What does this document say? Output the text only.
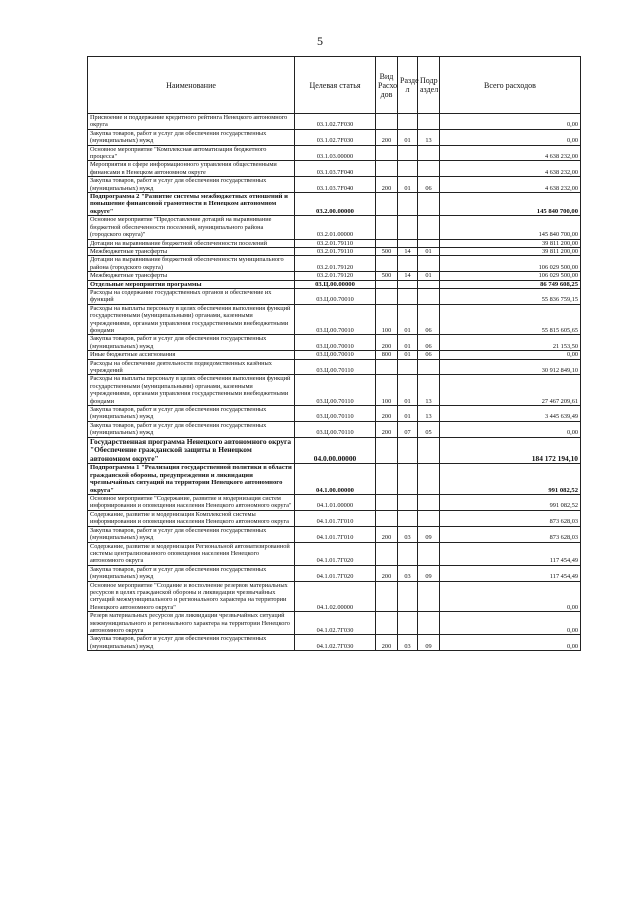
5
Наименование	Целевая статья	Вид Расхо дов	Разде л	Подр аздел	Всего расходов
Присвоение и поддержание кредитного рейтинга Ненецкого автономного округа	03.1.02.7F030				0,00
Закупка товаров, работ и услуг для обеспечения государственных (муниципальных) нужд	03.1.02.7F030	200	01	13	0,00
Основное мероприятие "Комплексная автоматизация бюджетного процесса"	03.1.03.00000				4 638 232,00
Мероприятия в сфере информационного управления общественными финансами в Ненецком автономном округе	03.1.03.7F040				4 638 232,00
Закупка товаров, работ и услуг для обеспечения государственных (муниципальных) нужд	03.1.03.7F040	200	01	06	4 638 232,00
Подпрограмма 2 "Развитие системы межбюджетных отношений и повышение финансовой грамотности в Ненецком автономном округе"	03.2.00.00000				145 840 700,00
Основное мероприятие "Предоставление дотаций на выравнивание бюджетной обеспеченности поселений, муниципального района (городского округа)"	03.2.01.00000				145 840 700,00
Дотации на выравнивание бюджетной обеспеченности поселений	03.2.01.79110				39 811 200,00
Межбюджетные трансферты	03.2.01.79110	500	14	01	39 811 200,00
Дотации на выравнивание бюджетной обеспеченности муниципального района (городского округа)	03.2.01.79120				106 029 500,00
Межбюджетные трансферты	03.2.01.79120	500	14	01	106 029 500,00
Отдельные мероприятия программы	03.Ц.00.00000				86 749 608,25
Расходы на содержание государственных органов и обеспечение их функций	03.Ц.00.70010				55 836 759,15
Расходы на выплаты персоналу в целях обеспечения выполнения функций государственными (муниципальными) органами, казенными учреждениями, органами управления государственными внебюджетными фондами	03.Ц.00.70010	100	01	06	55 815 605,65
Закупка товаров, работ и услуг для обеспечения государственных (муниципальных) нужд	03.Ц.00.70010	200	01	06	21 153,50
Иные бюджетные ассигнования	03.Ц.00.70010	800	01	06	0,00
Расходы на обеспечение деятельности подведомственных казённых учреждений	03.Ц.00.70110				30 912 849,10
Расходы на выплаты персоналу в целях обеспечения выполнения функций государственными (муниципальными) органами, казенными учреждениями, органами управления государственными внебюджетными фондами	03.Ц.00.70110	100	01	13	27 467 209,61
Закупка товаров, работ и услуг для обеспечения государственных (муниципальных) нужд	03.Ц.00.70110	200	01	13	3 445 639,49
Закупка товаров, работ и услуг для обеспечения государственных (муниципальных) нужд	03.Ц.00.70110	200	07	05	0,00
Государственная программа Ненецкого автономного округа "Обеспечение гражданской защиты в Ненецком автономном округе"	04.0.00.00000				184 172 194,10
Подпрограмма 1 "Реализация государственной политики в области гражданской обороны, предупреждения и ликвидации чрезвычайных ситуаций на территории Ненецкого автономного округа"	04.1.00.00000				991 082,52
Основное мероприятие "Содержание, развитие и модернизация систем информирования и оповещения населения Ненецкого автономного округа"	04.1.01.00000				991 082,52
Содержание, развитие и модернизация Комплексной системы информирования и оповещения населения Ненецкого автономного округа	04.1.01.7Г010				873 628,03
Закупка товаров, работ и услуг для обеспечения государственных (муниципальных) нужд	04.1.01.7Г010	200	03	09	873 628,03
Содержание, развитие и модернизация Региональной автоматизированной системы централизованного оповещения населения Ненецкого автономного округа	04.1.01.7Г020				117 454,49
Закупка товаров, работ и услуг для обеспечения государственных (муниципальных) нужд	04.1.01.7Г020	200	03	09	117 454,49
Основное мероприятие "Создание и восполнение резервов материальных ресурсов в целях гражданской обороны и ликвидации чрезвычайных ситуаций межмуниципального и регионального характера на территории Ненецкого автономного округа"	04.1.02.00000				0,00
Резерв материальных ресурсов для ликвидации чрезвычайных ситуаций межмуниципального и регионального характера на территории Ненецкого автономного округа	04.1.02.7Г030				0,00
Закупка товаров, работ и услуг для обеспечения государственных (муниципальных) нужд	04.1.02.7Г030	200	03	09	0,00
